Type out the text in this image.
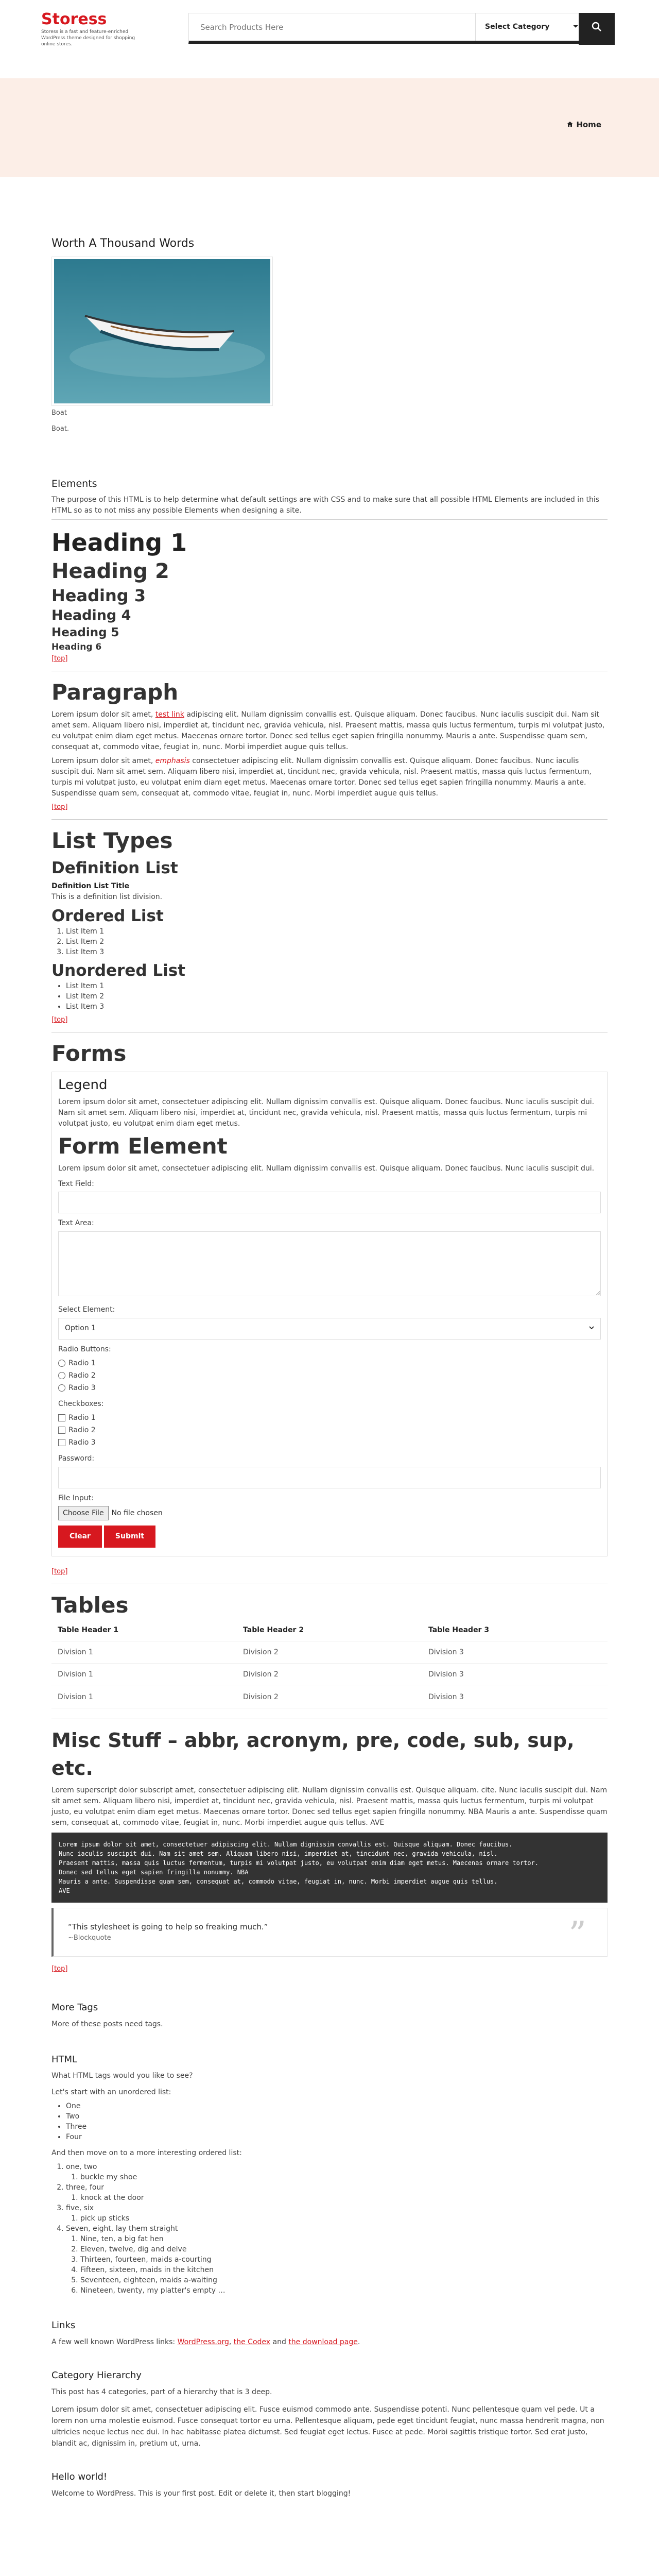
Storess
Storess is a fast and feature-enriched WordPress theme designed for shopping online stores.
Search Products Here
Select Category
Home
Worth A Thousand Words
Boat
Boat.
Elements

The purpose of this HTML is to help determine what default settings are with CSS and to make sure that all possible HTML Elements are included in this HTML so as to not miss any possible Elements when designing a site.

Heading 1
Heading 2
Heading 3
Heading 4
Heading 5
Heading 6
[top]
Paragraph

Lorem ipsum dolor sit amet, test link adipiscing elit. Nullam dignissim convallis est. Quisque aliquam. Donec faucibus. Nunc iaculis suscipit dui. Nam sit amet sem. Aliquam libero nisi, imperdiet at, tincidunt nec, gravida vehicula, nisl. Praesent mattis, massa quis luctus fermentum, turpis mi volutpat justo, eu volutpat enim diam eget metus. Maecenas ornare tortor. Donec sed tellus eget sapien fringilla nonummy. Mauris a ante. Suspendisse quam sem, consequat at, commodo vitae, feugiat in, nunc. Morbi imperdiet augue quis tellus.

Lorem ipsum dolor sit amet, emphasis consectetuer adipiscing elit. Nullam dignissim convallis est. Quisque aliquam. Donec faucibus. Nunc iaculis suscipit dui. Nam sit amet sem. Aliquam libero nisi, imperdiet at, tincidunt nec, gravida vehicula, nisl. Praesent mattis, massa quis luctus fermentum, turpis mi volutpat justo, eu volutpat enim diam eget metus. Maecenas ornare tortor. Donec sed tellus eget sapien fringilla nonummy. Mauris a ante. Suspendisse quam sem, consequat at, commodo vitae, feugiat in, nunc. Morbi imperdiet augue quis tellus.

[top]
List Types
Definition List
Definition List Title
This is a definition list division.
Ordered List
1. List Item 1
2. List Item 2
3. List Item 3
Unordered List
• List Item 1
• List Item 2
• List Item 3
[top]
Forms
Legend

Lorem ipsum dolor sit amet, consectetuer adipiscing elit. Nullam dignissim convallis est. Quisque aliquam. Donec faucibus. Nunc iaculis suscipit dui. Nam sit amet sem. Aliquam libero nisi, imperdiet at, tincidunt nec, gravida vehicula, nisl. Praesent mattis, massa quis luctus fermentum, turpis mi volutpat justo, eu volutpat enim diam eget metus.

Form Element

Lorem ipsum dolor sit amet, consectetuer adipiscing elit. Nullam dignissim convallis est. Quisque aliquam. Donec faucibus. Nunc iaculis suscipit dui.

Text Field:
Text Area:
Select Element:
Option 1
Radio Buttons:
Radio 1
Radio 2
Radio 3
Checkboxes:
Radio 1
Radio 2
Radio 3
Password:
File Input:
Choose File	No file chosen
Clear	Submit
[top]
Tables
Table Header 1	Table Header 2	Table Header 3
Division 1	Division 2	Division 3
Division 1	Division 2	Division 3
Division 1	Division 2	Division 3
Misc Stuff – abbr, acronym, pre, code, sub, sup, etc.

Lorem superscript dolor subscript amet, consectetuer adipiscing elit. Nullam dignissim convallis est. Quisque aliquam. cite. Nunc iaculis suscipit dui. Nam sit amet sem. Aliquam libero nisi, imperdiet at, tincidunt nec, gravida vehicula, nisl. Praesent mattis, massa quis luctus fermentum, turpis mi volutpat justo, eu volutpat enim diam eget metus. Maecenas ornare tortor. Donec sed tellus eget sapien fringilla nonummy. NBA Mauris a ante. Suspendisse quam sem, consequat at, commodo vitae, feugiat in, nunc. Morbi imperdiet augue quis tellus. AVE

Lorem ipsum dolor sit amet, consectetuer adipiscing elit. Nullam dignissim convallis est. Quisque aliquam. Donec faucibus.
Nunc iaculis suscipit dui. Nam sit amet sem. Aliquam libero nisi, imperdiet at, tincidunt nec, gravida vehicula, nisl.
Praesent mattis, massa quis luctus fermentum, turpis mi volutpat justo, eu volutpat enim diam eget metus. Maecenas ornare tortor.
Donec sed tellus eget sapien fringilla nonummy. NBA
Mauris a ante. Suspendisse quam sem, consequat at, commodo vitae, feugiat in, nunc. Morbi imperdiet augue quis tellus.
AVE
“This stylesheet is going to help so freaking much.”
~Blockquote	”
[top]
More Tags

More of these posts need tags.

HTML

What HTML tags would you like to see?

Let's start with an unordered list:

• One
• Two
• Three
• Four

And then move on to a more interesting ordered list:

1. one, two
1. buckle my shoe
2. three, four
1. knock at the door
3. five, six
1. pick up sticks
4. Seven, eight, lay them straight
1. Nine, ten, a big fat hen
2. Eleven, twelve, dig and delve
3. Thirteen, fourteen, maids a-courting
4. Fifteen, sixteen, maids in the kitchen
5. Seventeen, eighteen, maids a-waiting
6. Nineteen, twenty, my platter's empty …
Links

A few well known WordPress links: WordPress.org, the Codex and the download page.

Category Hierarchy

This post has 4 categories, part of a hierarchy that is 3 deep.

Lorem ipsum dolor sit amet, consectetuer adipiscing elit. Fusce euismod commodo ante. Suspendisse potenti. Nunc pellentesque quam vel pede. Ut a lorem non urna molestie euismod. Fusce consequat tortor eu urna. Pellentesque aliquam, pede eget tincidunt feugiat, nunc massa hendrerit magna, non ultricies neque lectus nec dui. In hac habitasse platea dictumst. Sed feugiat eget lectus. Fusce at pede. Morbi sagittis tristique tortor. Sed erat justo, blandit ac, dignissim in, pretium ut, urna.

Hello world!

Welcome to WordPress. This is your first post. Edit or delete it, then start blogging!
